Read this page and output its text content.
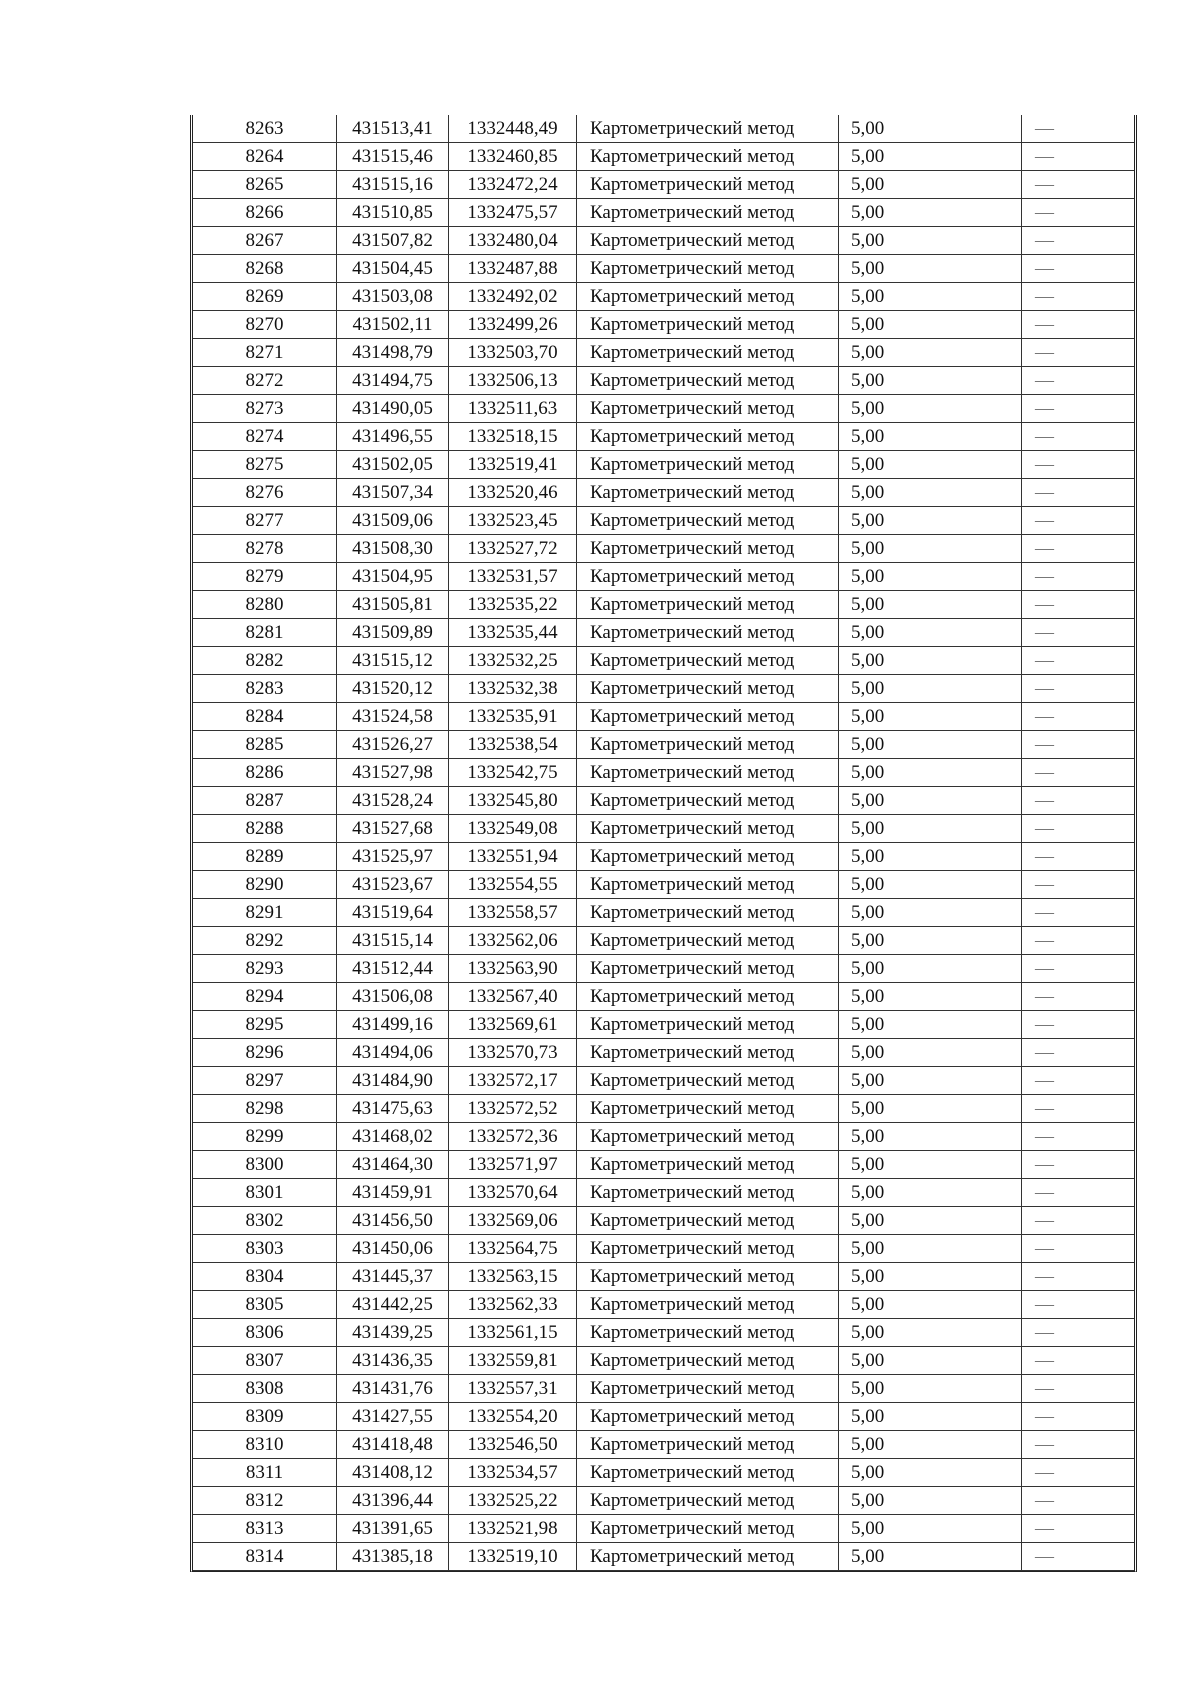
8263	431513,41	1332448,49	Картометрический метод	5,00	—
8264	431515,46	1332460,85	Картометрический метод	5,00	—
8265	431515,16	1332472,24	Картометрический метод	5,00	—
8266	431510,85	1332475,57	Картометрический метод	5,00	—
8267	431507,82	1332480,04	Картометрический метод	5,00	—
8268	431504,45	1332487,88	Картометрический метод	5,00	—
8269	431503,08	1332492,02	Картометрический метод	5,00	—
8270	431502,11	1332499,26	Картометрический метод	5,00	—
8271	431498,79	1332503,70	Картометрический метод	5,00	—
8272	431494,75	1332506,13	Картометрический метод	5,00	—
8273	431490,05	1332511,63	Картометрический метод	5,00	—
8274	431496,55	1332518,15	Картометрический метод	5,00	—
8275	431502,05	1332519,41	Картометрический метод	5,00	—
8276	431507,34	1332520,46	Картометрический метод	5,00	—
8277	431509,06	1332523,45	Картометрический метод	5,00	—
8278	431508,30	1332527,72	Картометрический метод	5,00	—
8279	431504,95	1332531,57	Картометрический метод	5,00	—
8280	431505,81	1332535,22	Картометрический метод	5,00	—
8281	431509,89	1332535,44	Картометрический метод	5,00	—
8282	431515,12	1332532,25	Картометрический метод	5,00	—
8283	431520,12	1332532,38	Картометрический метод	5,00	—
8284	431524,58	1332535,91	Картометрический метод	5,00	—
8285	431526,27	1332538,54	Картометрический метод	5,00	—
8286	431527,98	1332542,75	Картометрический метод	5,00	—
8287	431528,24	1332545,80	Картометрический метод	5,00	—
8288	431527,68	1332549,08	Картометрический метод	5,00	—
8289	431525,97	1332551,94	Картометрический метод	5,00	—
8290	431523,67	1332554,55	Картометрический метод	5,00	—
8291	431519,64	1332558,57	Картометрический метод	5,00	—
8292	431515,14	1332562,06	Картометрический метод	5,00	—
8293	431512,44	1332563,90	Картометрический метод	5,00	—
8294	431506,08	1332567,40	Картометрический метод	5,00	—
8295	431499,16	1332569,61	Картометрический метод	5,00	—
8296	431494,06	1332570,73	Картометрический метод	5,00	—
8297	431484,90	1332572,17	Картометрический метод	5,00	—
8298	431475,63	1332572,52	Картометрический метод	5,00	—
8299	431468,02	1332572,36	Картометрический метод	5,00	—
8300	431464,30	1332571,97	Картометрический метод	5,00	—
8301	431459,91	1332570,64	Картометрический метод	5,00	—
8302	431456,50	1332569,06	Картометрический метод	5,00	—
8303	431450,06	1332564,75	Картометрический метод	5,00	—
8304	431445,37	1332563,15	Картометрический метод	5,00	—
8305	431442,25	1332562,33	Картометрический метод	5,00	—
8306	431439,25	1332561,15	Картометрический метод	5,00	—
8307	431436,35	1332559,81	Картометрический метод	5,00	—
8308	431431,76	1332557,31	Картометрический метод	5,00	—
8309	431427,55	1332554,20	Картометрический метод	5,00	—
8310	431418,48	1332546,50	Картометрический метод	5,00	—
8311	431408,12	1332534,57	Картометрический метод	5,00	—
8312	431396,44	1332525,22	Картометрический метод	5,00	—
8313	431391,65	1332521,98	Картометрический метод	5,00	—
8314	431385,18	1332519,10	Картометрический метод	5,00	—
